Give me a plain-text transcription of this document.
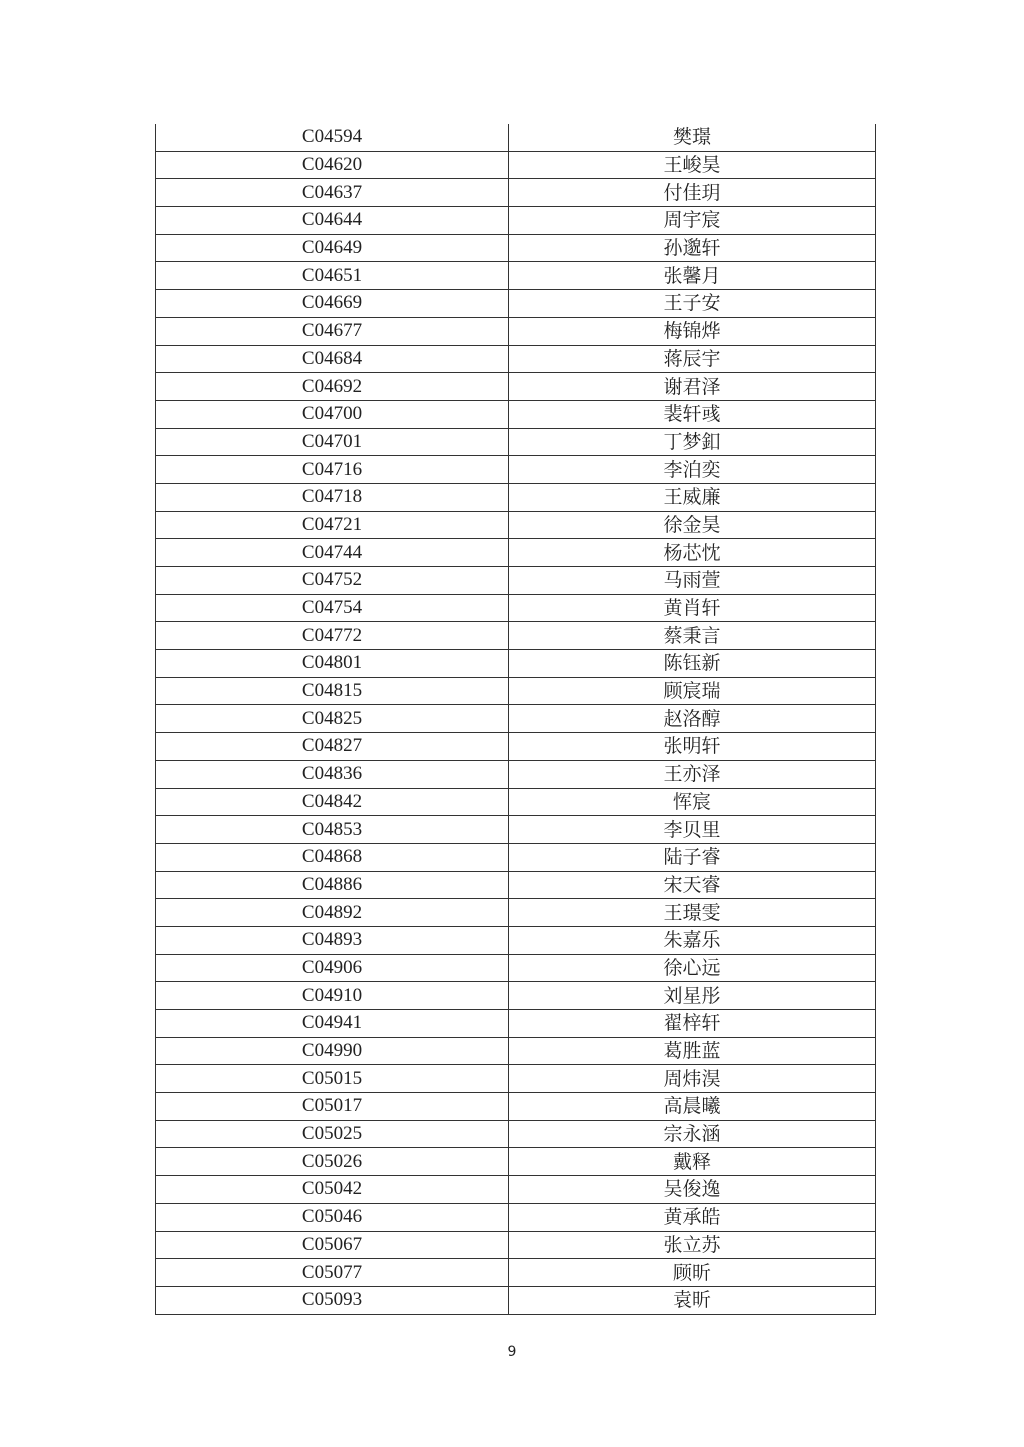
C04594	樊璟
C04620	王峻昊
C04637	付佳玥
C04644	周宇宸
C04649	孙邈轩
C04651	张馨月
C04669	王子安
C04677	梅锦烨
C04684	蒋辰宇
C04692	谢君泽
C04700	裴轩彧
C04701	丁梦釦
C04716	李泊奕
C04718	王威廉
C04721	徐金昊
C04744	杨芯忱
C04752	马雨萱
C04754	黄肖轩
C04772	蔡秉言
C04801	陈钰新
C04815	顾宸瑞
C04825	赵洛醇
C04827	张明轩
C04836	王亦泽
C04842	恽宸
C04853	李贝里
C04868	陆子睿
C04886	宋天睿
C04892	王璟雯
C04893	朱嘉乐
C04906	徐心远
C04910	刘星彤
C04941	翟梓轩
C04990	葛胜蓝
C05015	周炜淏
C05017	高晨曦
C05025	宗永涵
C05026	戴释
C05042	吴俊逸
C05046	黄承皓
C05067	张立苏
C05077	顾昕
C05093	袁昕
9
